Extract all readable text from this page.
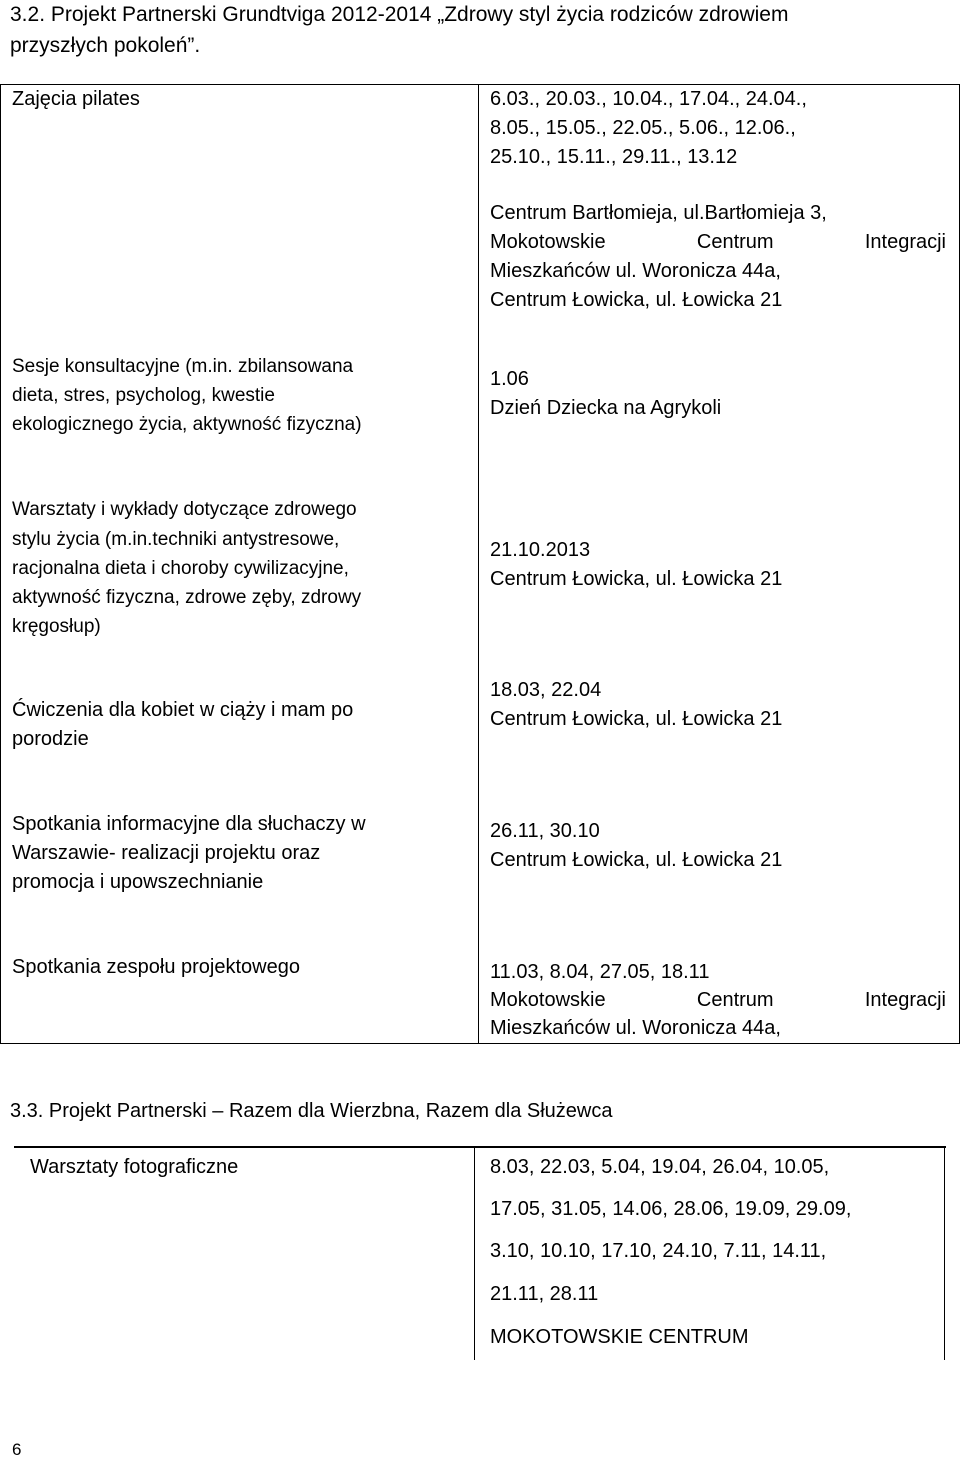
3.2. Projekt Partnerski Grundtviga 2012-2014 „Zdrowy styl życia rodziców zdrowiem
przyszłych pokoleń”.
Zajęcia pilates	6.03., 20.03., 10.04., 17.04., 24.04.,
8.05., 15.05., 22.05., 5.06., 12.06.,
25.10., 15.11., 29.11., 13.12
Centrum Bartłomieja, ul.Bartłomieja 3,
Mokotowskie	Centrum	Integracji
Mieszkańców ul. Woronicza 44a,
Centrum Łowicka, ul. Łowicka 21
Sesje konsultacyjne (m.in. zbilansowana
dieta, stres, psycholog, kwestie
ekologicznego życia, aktywność fizyczna)
1.06
Dzień Dziecka na Agrykoli
Warsztaty i wykłady dotyczące zdrowego
stylu życia (m.in.techniki antystresowe,
racjonalna dieta i choroby cywilizacyjne,
aktywność fizyczna, zdrowe zęby, zdrowy
kręgosłup)
21.10.2013
Centrum Łowicka, ul. Łowicka 21
Ćwiczenia dla kobiet w ciąży i mam po
porodzie
18.03, 22.04
Centrum Łowicka, ul. Łowicka 21
Spotkania informacyjne dla słuchaczy w
Warszawie- realizacji projektu oraz
promocja i upowszechnianie
26.11, 30.10
Centrum Łowicka, ul. Łowicka 21
Spotkania zespołu projektowego	11.03, 8.04, 27.05, 18.11
Mokotowskie	Centrum	Integracji
Mieszkańców ul. Woronicza 44a,
3.3. Projekt Partnerski – Razem dla Wierzbna, Razem dla Służewca
Warsztaty fotograficzne	8.03, 22.03, 5.04, 19.04, 26.04, 10.05,
17.05, 31.05, 14.06, 28.06, 19.09, 29.09,
3.10, 10.10, 17.10, 24.10, 7.11, 14.11,
21.11, 28.11
MOKOTOWSKIE CENTRUM
6
